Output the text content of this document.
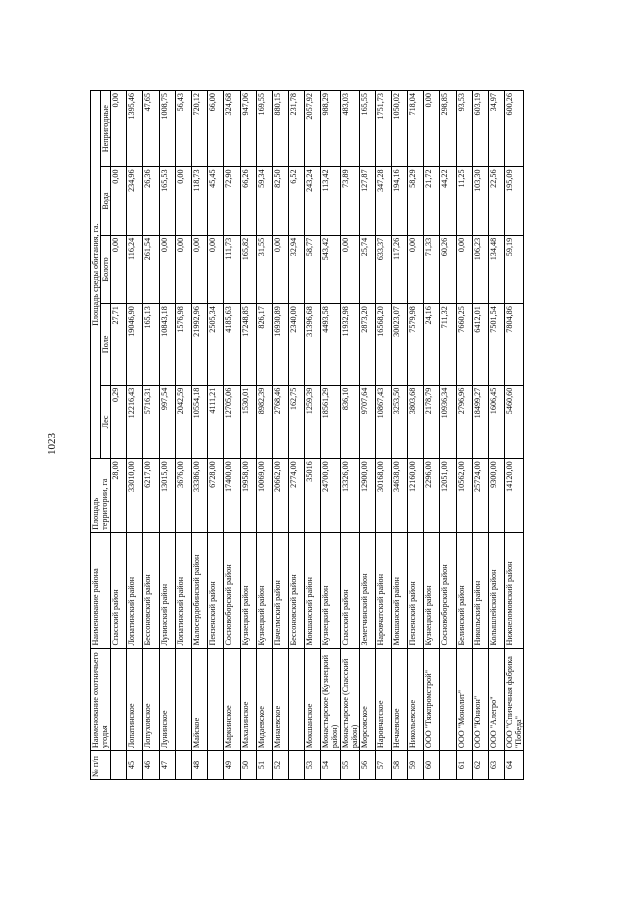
1023
№ п/п	Наименование охотничьего угодья	Наименование района	Площадь территории, га	Площадь среды обитания, га.				
				Лес	Поле	Болото	Вода	Непригодные
		Спасский район	28,00	0,29	27,71	0,00	0,00	0,00
45	Лопатинское	Лопатинский район	33010,00	12216,43	19046,90	116,24	234,96	1395,46
46	Лопуховское	Бессоновский район	6217,00	5716,31	165,13	261,54	26,36	47,65
47	Лунинское	Лунинский район	13015,00	997,54	10843,18	0,00	165,53	1008,75
		Лопатинский район	3676,00	2042,59	1576,98	0,00	0,00	56,43
48	Майское	Малосердобинский район	33386,00	10554,18	21992,96	0,00	118,73	720,12
		Пензенский район	6728,00	4111,21	2505,34	0,00	45,45	66,00
49	Маркинское	Сосновоборский район	17400,00	12705,06	4185,63	111,73	72,90	324,68
50	Махалинское	Кузнецкий район	19958,00	1530,01	17248,85	165,82	66,26	947,06
51	Мидаевское	Кузнецкий район	10069,00	8982,39	826,17	31,55	59,34	169,55
52	Минаевское	Пачелмский район	20662,00	2768,46	16930,89	0,00	82,50	880,15
		Бессоновский район	2774,00	162,75	2340,00	32,94	6,52	231,78
53	Мокшанское	Мокшанский район	35016	1259,39	31396,68	58,77	243,24	2057,92
54	Монастырское (Кузнецкий район)	Кузнецкий район	24700,00	18561,29	4493,58	543,42	113,42	988,29
55	Монастырское (Спасский район)	Спасский район	13326,00	836,10	11932,98	0,00	73,89	483,03
56	Морсовское	Земетчинский район	12900,00	9707,64	2873,20	25,74	127,87	165,55
57	Наровчатское	Наровчатский район	30168,00	10867,43	16568,20	633,37	347,28	1751,73
58	Нечаевское	Мокшанский район	34638,00	3253,50	30023,07	117,26	194,16	1050,02
59	Никольевское	Пензенский район	12160,00	3803,68	7579,98	0,00	58,29	718,04
60	ООО "Тяжпромстрой"	Кузнецкий район	2296,00	2178,79	24,16	71,33	21,72	0,00
		Сосновоборский район	12051,00	10936,34	711,32	60,26	44,22	298,85
61	ООО "Монолит"	Белинский район	10562,00	2796,96	7660,25	0,00	11,25	93,53
62	ООО "Юнион"	Никольский район	25724,00	18499,27	6412,01	106,23	103,30	603,19
63	ООО "Алегро"	Колышлейский район	9300,00	1606,45	7501,54	134,48	22,56	34,97
64	ООО "Спичечная фабрика "Победа"	Нижнеломовский район	14120,00	5460,60	7804,86	59,19	195,09	600,26
